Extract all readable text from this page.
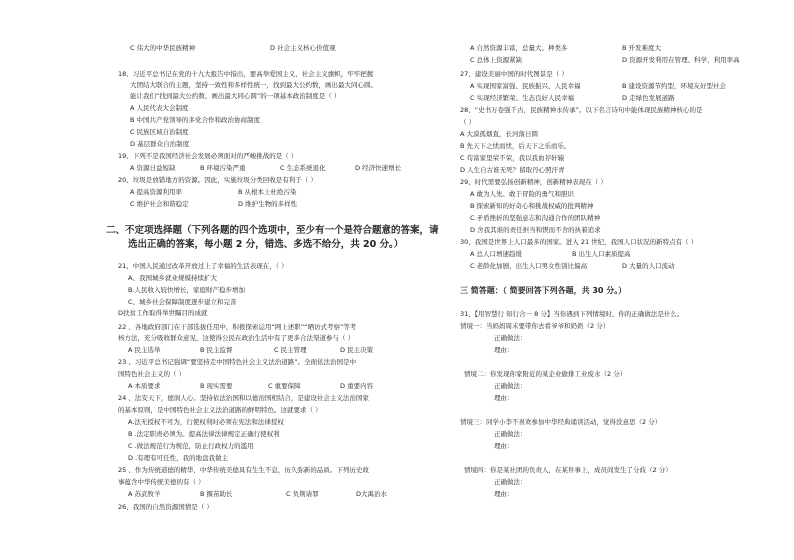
C 伟大的中华民族精神	D 社会主义核心价值观
18、习近平总书记在党的十九大报告中指出，要高举爱国主义、社会主义旗帜，牢牢把握
大团结大联合的主题，坚持一致性和多样性统一，找到最大公约数，画出最大同心圆。
能让我们“找到最大公约数，画出最大同心圆”的一项基本政治制度是（ ）
A 人民代表大会制度
B 中国共产党领导的多党合作和政治协商制度
C 民族区域自治制度
D 基层群众自治制度
19、下列不是我国经济社会发展必须面对的严峻挑战的是（ ）
A 资源日益短缺	B 环境污染严重	C 生态系统退化	D 经济快速增长
20、垃圾是放错地方的资源。因此，实施垃圾分类回收是有利于（ ）
A 提高资源利用率	B 从根本上杜绝污染
C 维护社会和谐稳定	D 维护生物的多样性
二、不定项选择题（下列各题的四个选项中，至少有一个是符合题意的答案，请
选出正确的答案，每小题 2 分，错选、多选不给分，共 20 分。）
21、中国人民通过改革开放过上了幸福的生活表现在，（ ）
A、我国城乡就业规模持续扩大
B.人民收入较快增长，家庭财产稳步增加
C、城乡社会保障制度逐步建立和完善
D扶贫工作取得举世瞩目的成就
22 、各地政府部门在干部选拔任用中，积极探索运用“网上述职”“晒访式考察”等考
核方法，充分吸收群众意见，这使得公民在政治生活中有了更多合法渠道参与（ ）
A 民主选举	B 民主监督	C 民主管理	D 民主决策
23 、习近平总书记强调“要坚持走中国特色社会主义法治道路”。全面依法治国是中
国特色社会主义的（ ）
A 本质要求	B 现实需要	C 重要保障	D 重要内容
24 、法安天下，德润人心。坚持依法治国和以德治国相结合，是建设社会主义法治国家
的基本原则，是中国特色社会主义法治道路的鲜明特色。这就要求（ ）
A.法无授权不可为，行使权利时必须在宪法和法律授权
B .法定职责必须为。提高法律法律规定正确行使权利
C .做法规范行为规范，防止行政权力的滥用
D .有理有可任性，我的地盘我做主
25 、作为传统道德的精华，中华传统美德具有生生不息，历久弥新的品质。下列历史故
事蕴含中华传统美德的有（ ）
A 苏武牧羊	B 揠苗助长	C 负荆请罪	D大禹治水
26、我国的自然资源国情是（ ）
A 自然资源丰富，总量大、种类多	B 开发难度大
C 总体上资源紧缺	D 资源开发利用在管理、科学、利用率高
27、建设美丽中国的时代图景是（ ）
A 实现国家富强、民族振兴、人民幸福	B 建设资源节约型，环境友好型社会
C 实现经济繁荣、生态良好人民幸福	D 走绿色发展道路
28、“史书万卷强千古，民族精神永传承”。以下名言诗句中能体现民族精神核心的是
（ ）
A 大漠孤烟直，长河落日圆
B 先天下之忧而忧，后天下之乐而乐，
C 苟富家里荣不荣，我以我血荐轩辕
D 人生自古谁无死？留取丹心照汗青
29、时代需要弘扬创新精神，创新精神表现在（ ）
A 敢为人先、敢于冒险的勇气和胆识
B 探索新知的好奇心和挑战权威的批判精神
C 矛盾挫折的坚强意志和沟通合作的团队精神
D 舍我其谁的责任担当和锲而不舍的执着追求
30、我国是世界上人口最多的国家。进入 21 世纪，我国人口状况的新特点有（ ）
A 总人口增速趋缓	B 出生人口素质提高
C 老龄化加剧，出生人口男女性别比偏高	D 大量的人口流动
三 简答题：（ 简要回答下列各题，共 30 分。）
31、【用智慧行 知行合一 8 分】当你遇到下列情境时，你的正确做法是什么。
情境一：当妈妈周末要带你去看爷爷和奶奶（2 分）
正确做法：
理由：
情境二：你发现你家附近的某企业偷排工业废水（2 分）
正确做法：
理由：
情境三：同学小李不喜欢参加中华经典诵读活动，觉得没意思（2 分）
正确做法：
理由：
情境四：你是某社团的负责人，在某件事上，成员间发生了分歧（2 分）
正确做法：
理由：
